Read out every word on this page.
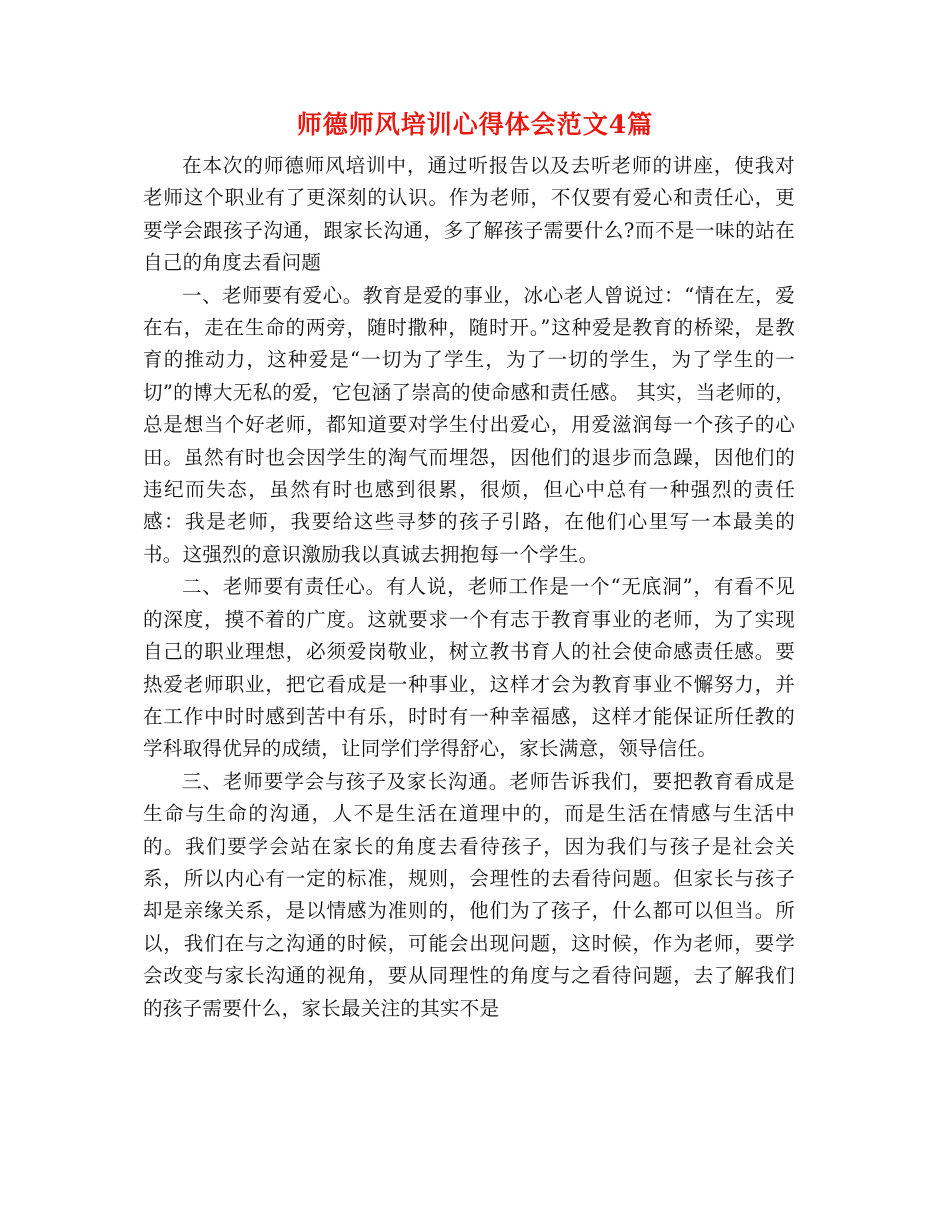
师德师风培训心得体会范文4篇

在本次的师德师风培训中，通过听报告以及去听老师的讲座，使我对老师这个职业有了更深刻的认识。作为老师，不仅要有爱心和责任心，更要学会跟孩子沟通，跟家长沟通，多了解孩子需要什么?而不是一味的站在自己的角度去看问题

一、老师要有爱心。教育是爱的事业，冰心老人曾说过：“情在左，爱在右，走在生命的两旁，随时撒种，随时开。”这种爱是教育的桥梁，是教育的推动力，这种爱是“一切为了学生，为了一切的学生，为了学生的一切”的博大无私的爱，它包涵了崇高的使命感和责任感。 其实，当老师的，总是想当个好老师，都知道要对学生付出爱心，用爱滋润每一个孩子的心田。虽然有时也会因学生的淘气而埋怨，因他们的退步而急躁，因他们的违纪而失态，虽然有时也感到很累，很烦，但心中总有一种强烈的责任感：我是老师，我要给这些寻梦的孩子引路，在他们心里写一本最美的书。这强烈的意识激励我以真诚去拥抱每一个学生。

二、老师要有责任心。有人说，老师工作是一个“无底洞”，有看不见的深度，摸不着的广度。这就要求一个有志于教育事业的老师，为了实现自己的职业理想，必须爱岗敬业，树立教书育人的社会使命感责任感。要热爱老师职业，把它看成是一种事业，这样才会为教育事业不懈努力，并在工作中时时感到苦中有乐，时时有一种幸福感，这样才能保证所任教的学科取得优异的成绩，让同学们学得舒心，家长满意，领导信任。

三、老师要学会与孩子及家长沟通。老师告诉我们，要把教育看成是生命与生命的沟通，人不是生活在道理中的，而是生活在情感与生活中的。我们要学会站在家长的角度去看待孩子，因为我们与孩子是社会关系，所以内心有一定的标准，规则，会理性的去看待问题。但家长与孩子却是亲缘关系，是以情感为准则的，他们为了孩子，什么都可以但当。所以，我们在与之沟通的时候，可能会出现问题，这时候，作为老师，要学会改变与家长沟通的视角，要从同理性的角度与之看待问题，去了解我们的孩子需要什么，家长最关注的其实不是
